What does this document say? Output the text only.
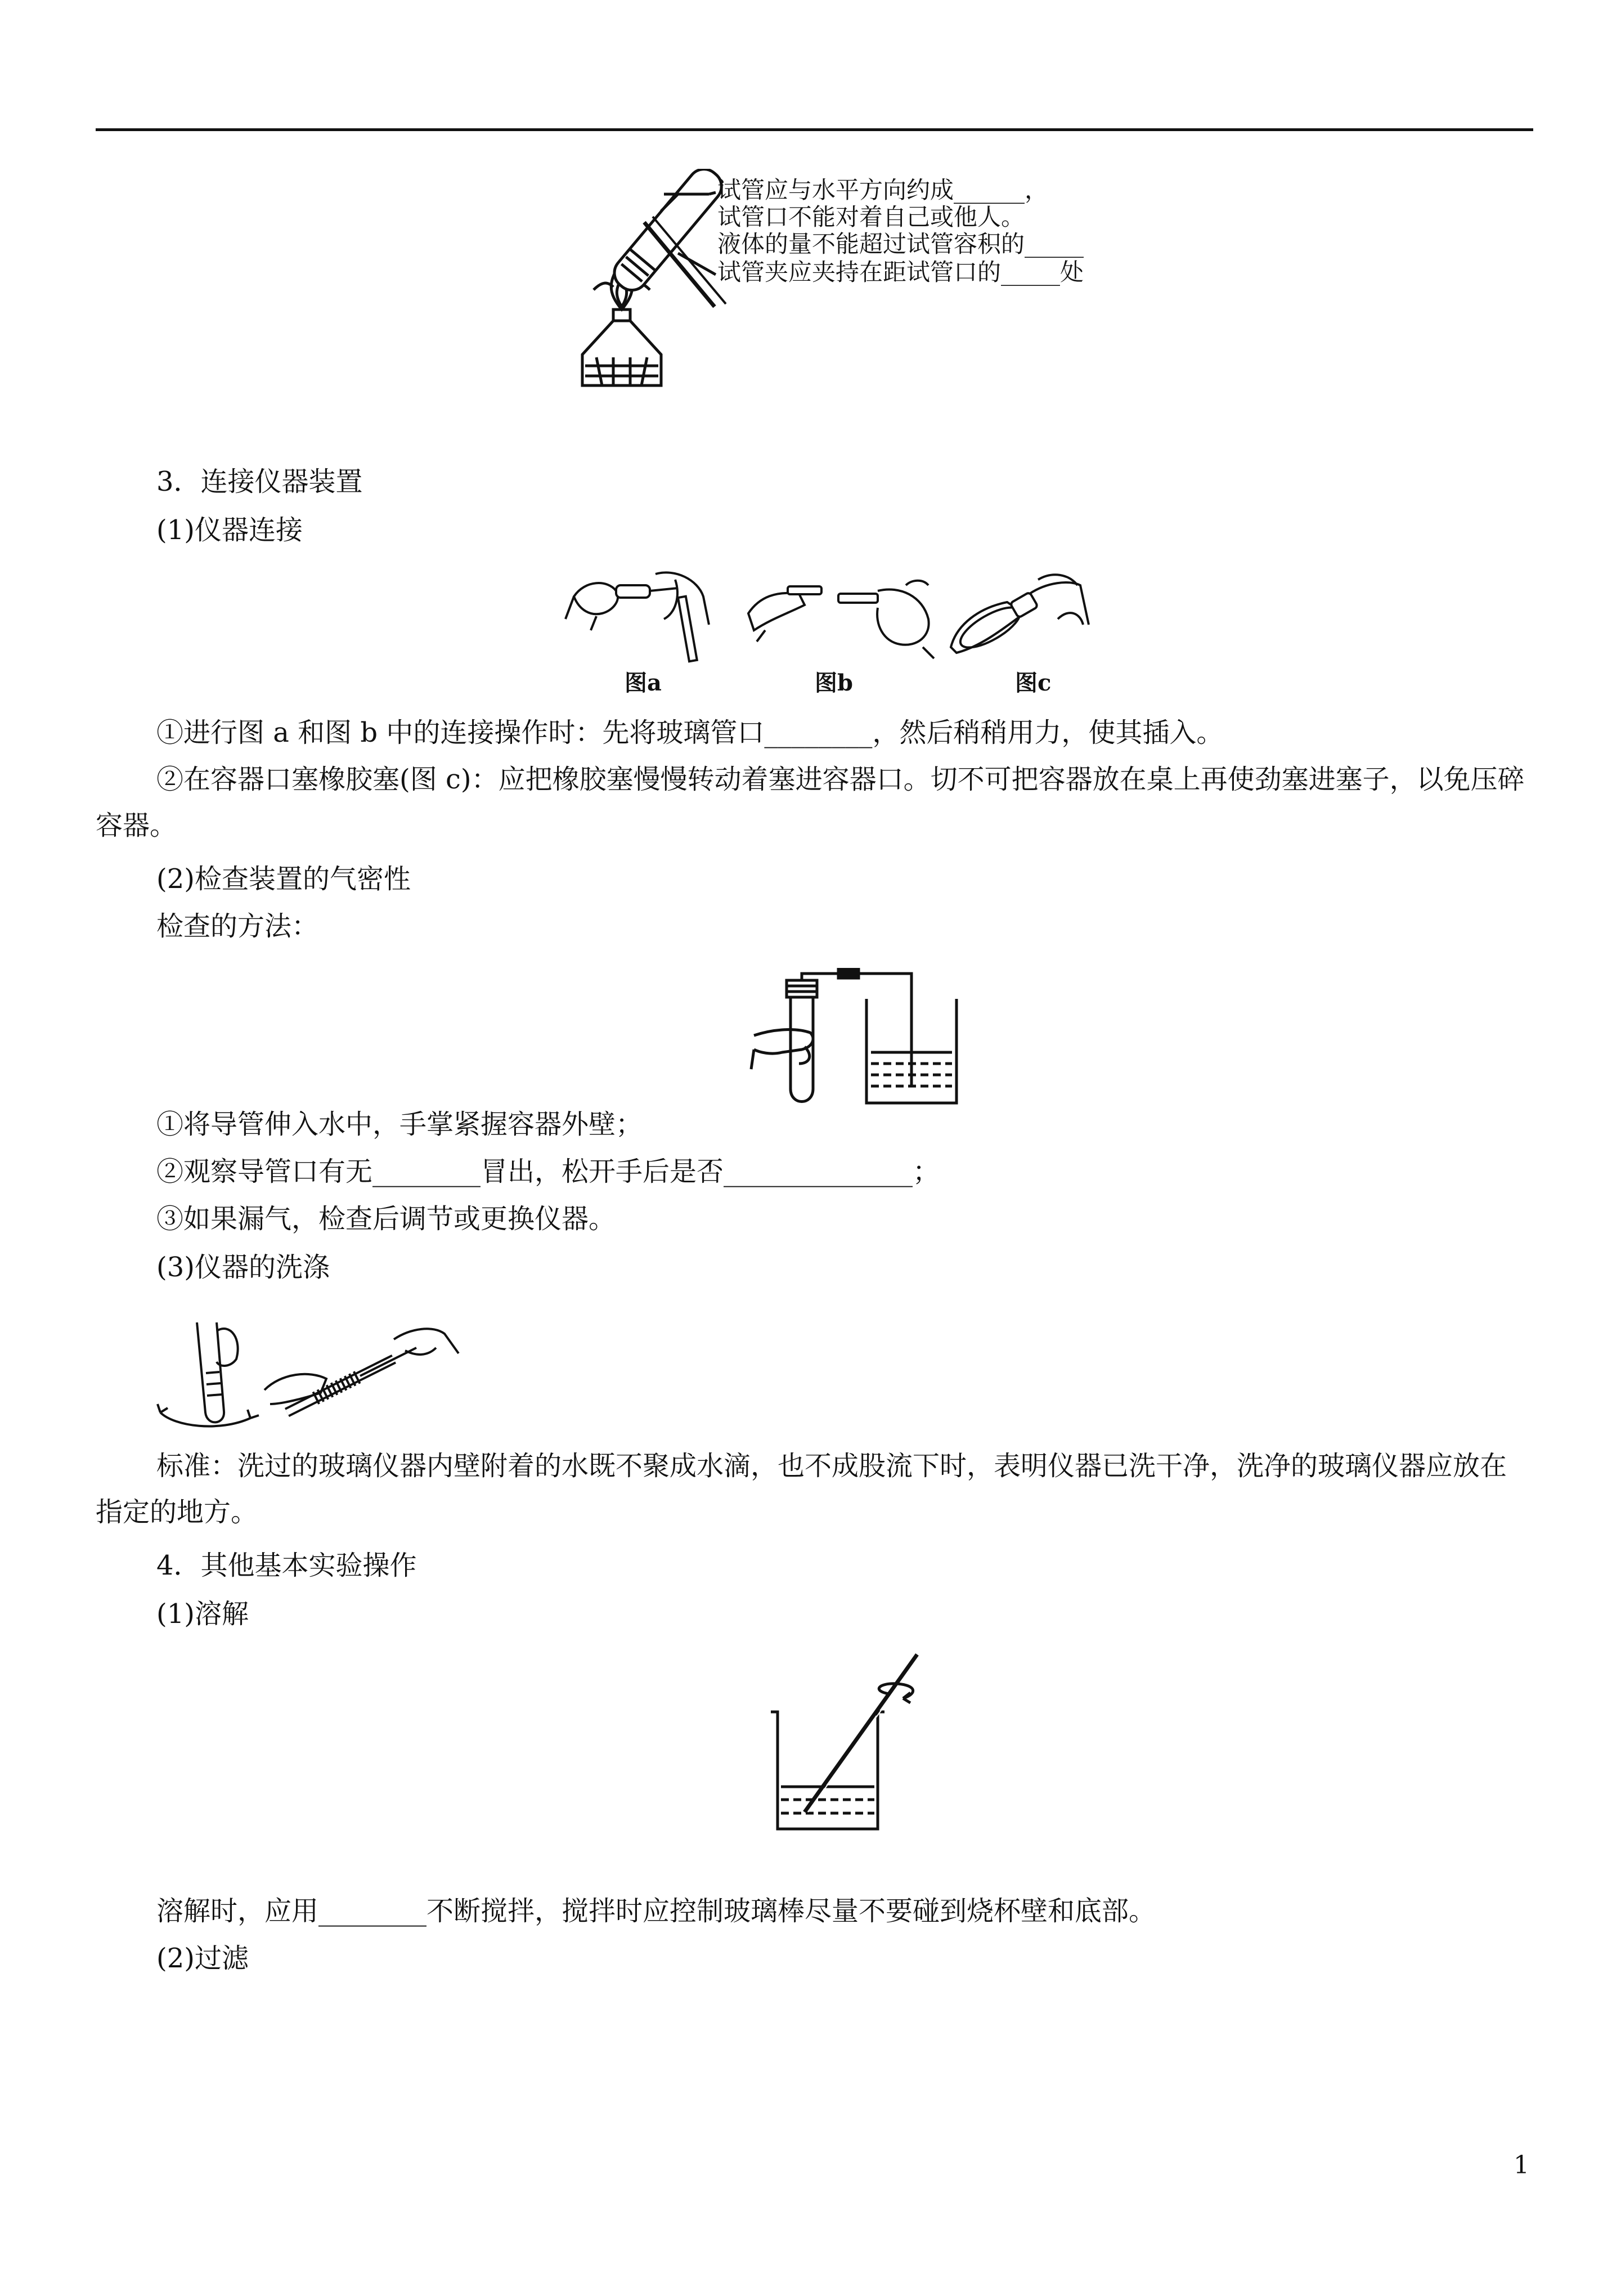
试管应与水平方向约成______，
试管口不能对着自己或他人。
液体的量不能超过试管容积的_____
试管夹应夹持在距试管口的_____处
3．连接仪器装置
(1)仪器连接
图a	图b	图c
①进行图 a 和图 b 中的连接操作时：先将玻璃管口________，然后稍稍用力，使其插入。
②在容器口塞橡胶塞(图 c)：应把橡胶塞慢慢转动着塞进容器口。切不可把容器放在桌上再使劲塞进塞子，以免压碎容器。
(2)检查装置的气密性
检查的方法：
①将导管伸入水中，手掌紧握容器外壁；
②观察导管口有无________冒出，松开手后是否______________；
③如果漏气，检查后调节或更换仪器。
(3)仪器的洗涤
标准：洗过的玻璃仪器内壁附着的水既不聚成水滴，也不成股流下时，表明仪器已洗干净，洗净的玻璃仪器应放在指定的地方。
4．其他基本实验操作
(1)溶解
溶解时，应用________不断搅拌，搅拌时应控制玻璃棒尽量不要碰到烧杯壁和底部。
(2)过滤
1
